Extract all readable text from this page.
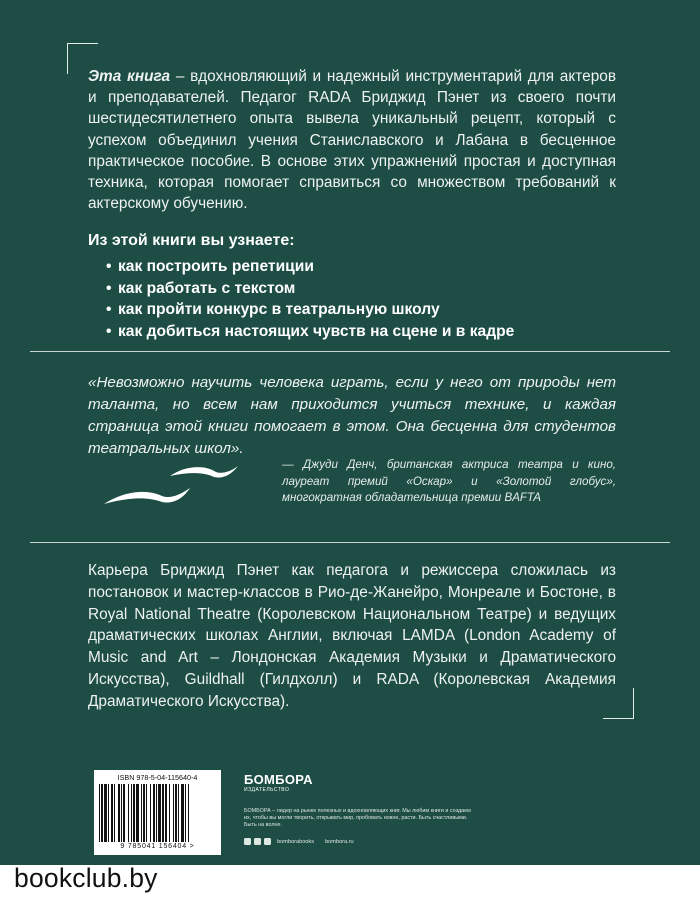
Эта книга – вдохновляющий и надежный инструментарий для актеров и преподавателей. Педагог RADA Бриджид Пэнет из своего почти шестидесятилетнего опыта вывела уникальный рецепт, который с успехом объединил учения Станиславского и Лабана в бесценное практическое пособие. В основе этих упражнений простая и доступная техника, которая помогает справиться со множеством требований к актерскому обучению.

Из этой книги вы узнаете:

• как построить репетиции
• как работать с текстом
• как пройти конкурс в театральную школу
• как добиться настоящих чувств на сцене и в кадре

«Невозможно научить человека играть, если у него от природы нет таланта, но всем нам приходится учиться технике, и каждая страница этой книги помогает в этом. Она бесценна для студентов театральных школ».

— Джуди Денч, британская актриса театра и кино, лауреат премий «Оскар» и «Золотой глобус», многократная обладательница премии BAFTA

Карьера Бриджид Пэнет как педагога и режиссера сложилась из постановок и мастер-классов в Рио-де-Жанейро, Монреале и Бостоне, в Royal National Theatre (Королевском Национальном Театре) и ведущих драматических школах Англии, включая LAMDA (London Academy of Music and Art – Лондонская Академия Музыки и Драматического Искусства), Guildhall (Гилдхолл) и RADA (Королевская Академия Драматического Искусства).

ISBN 978-5-04-115640-4
9 785041 156404 >
БОМБОРА
ИЗДАТЕЛЬСТВО

БОМБОРА – лидер на рынке полезных и вдохновляющих книг. Мы любим книги и создаем их, чтобы вы могли творить, открывать мир, пробовать новое, расти. Быть счастливыми. Быть на волне.

bomborabooks bombora.ru
bookclub.by
